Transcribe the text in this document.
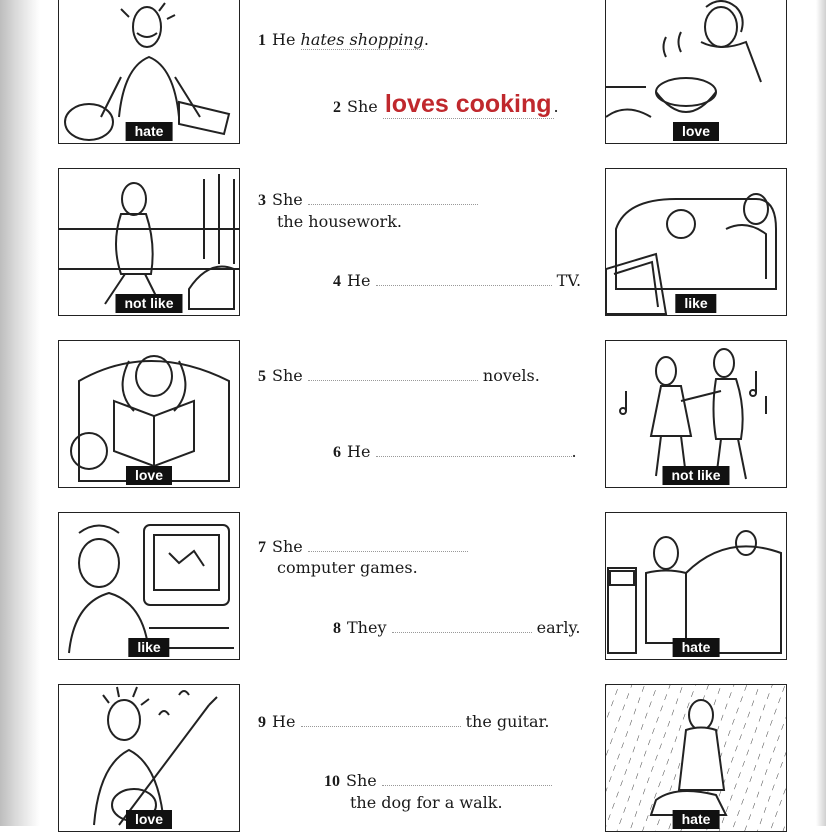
hate
not like
love
like
love
love
like
not like
hate
hate
1 He hates shopping.
2 She loves cooking .
3 She
the housework.
4 He	TV.
5 She	novels.
6 He	.
7 She
computer games.
8 They	early.
9 He	the guitar.
10 She
the dog for a walk.
